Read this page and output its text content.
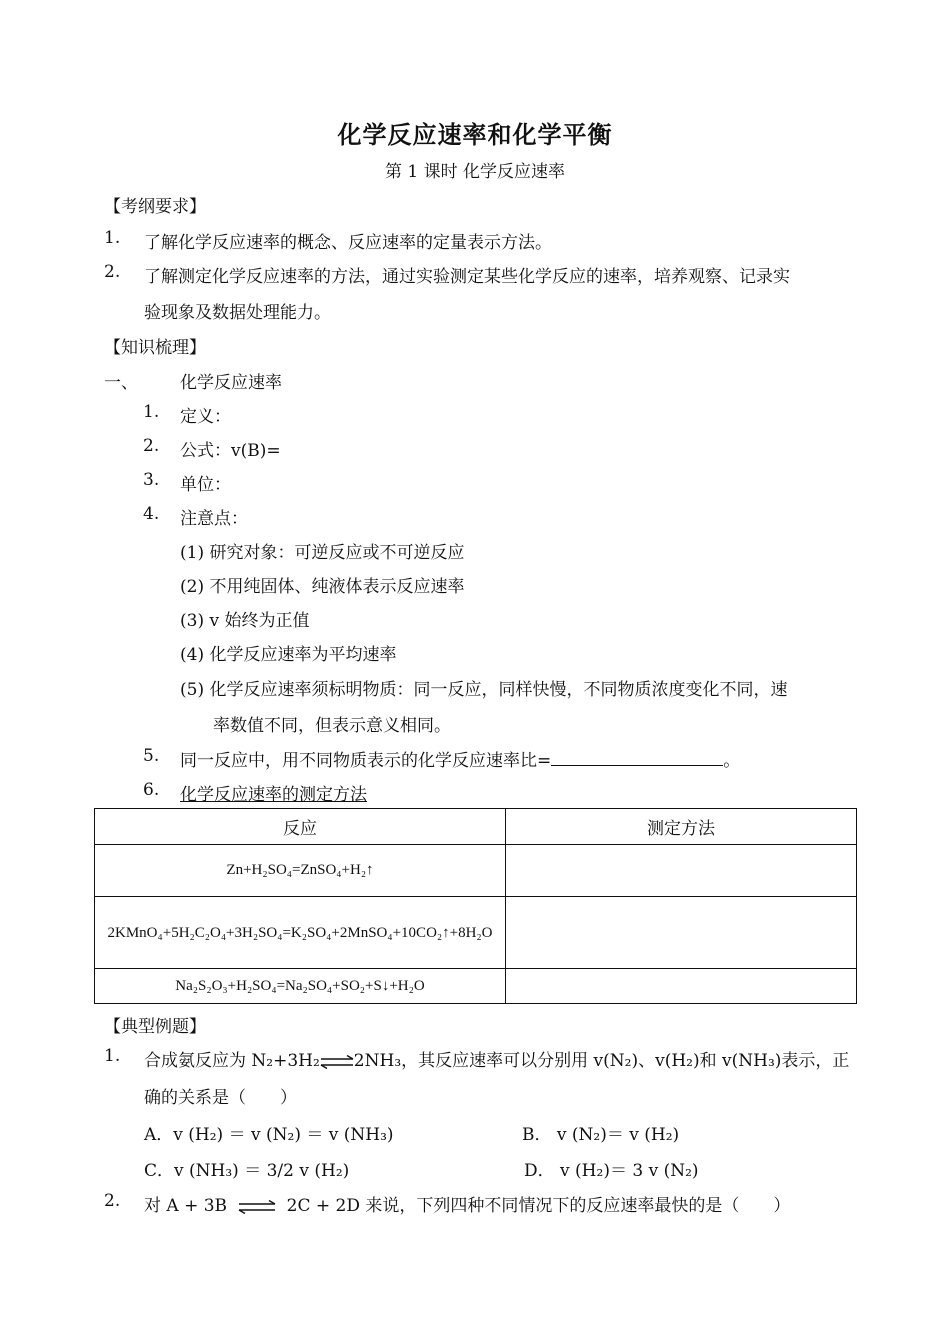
化学反应速率和化学平衡
第 1 课时 化学反应速率
【考纲要求】
1. 了解化学反应速率的概念、反应速率的定量表示方法。
2. 了解测定化学反应速率的方法，通过实验测定某些化学反应的速率，培养观察、记录实
验现象及数据处理能力。
【知识梳理】
一、 化学反应速率
1. 定义：
2. 公式：v(B)=
3. 单位：
4. 注意点：
(1) 研究对象：可逆反应或不可逆反应
(2) 不用纯固体、纯液体表示反应速率
(3) v 始终为正值
(4) 化学反应速率为平均速率
(5) 化学反应速率须标明物质：同一反应，同样快慢，不同物质浓度变化不同，速
率数值不同，但表示意义相同。
5. 同一反应中，用不同物质表示的化学反应速率比=	。
6. 化学反应速率的测定方法
反应	测定方法
Zn+H₂SO₄=ZnSO₄+H₂↑	
2KMnO₄+5H₂C₂O₄+3H₂SO₄=K₂SO₄+2MnSO₄+10CO₂↑+8H₂O	
Na₂S₂O₃+H₂SO₄=Na₂SO₄+SO₂+S↓+H₂O	
【典型例题】
1. 合成氨反应为 N₂+3H₂⇌2NH₃，其反应速率可以分别用 v(N₂)、v(H₂)和 v(NH₃)表示，正
确的关系是（　　）
A．v (H₂) ＝ v (N₂) ＝ v (NH₃)	B． v (N₂)＝ v (H₂)
C．v (NH₃) ＝ 3/2 v (H₂)	D． v (H₂)＝ 3 v (N₂)
2. 对 A + 3B ⇌ 2C + 2D 来说，下列四种不同情况下的反应速率最快的是（　　）
